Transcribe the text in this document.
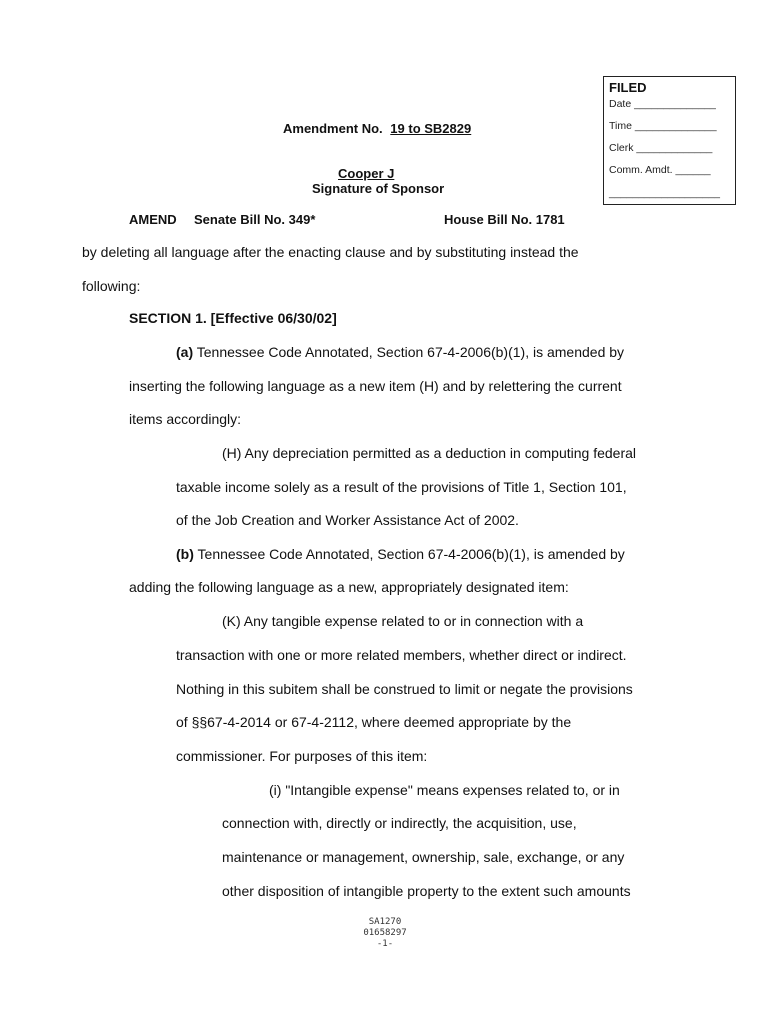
FILED
Date ______________
Time ______________
Clerk _____________
Comm. Amdt. ______
___________________
Amendment No. 19 to SB2829
Cooper J
Signature of Sponsor
AMEND Senate Bill No. 349*	House Bill No. 1781
by deleting all language after the enacting clause and by substituting instead the
following:
SECTION 1. [Effective 06/30/02]
(a) Tennessee Code Annotated, Section 67-4-2006(b)(1), is amended by
inserting the following language as a new item (H) and by relettering the current
items accordingly:
(H) Any depreciation permitted as a deduction in computing federal
taxable income solely as a result of the provisions of Title 1, Section 101,
of the Job Creation and Worker Assistance Act of 2002.
(b) Tennessee Code Annotated, Section 67-4-2006(b)(1), is amended by
adding the following language as a new, appropriately designated item:
(K) Any tangible expense related to or in connection with a
transaction with one or more related members, whether direct or indirect.
Nothing in this subitem shall be construed to limit or negate the provisions
of §§67-4-2014 or 67-4-2112, where deemed appropriate by the
commissioner. For purposes of this item:
(i) "Intangible expense" means expenses related to, or in
connection with, directly or indirectly, the acquisition, use,
maintenance or management, ownership, sale, exchange, or any
other disposition of intangible property to the extent such amounts
SA1270
01658297
-1-
